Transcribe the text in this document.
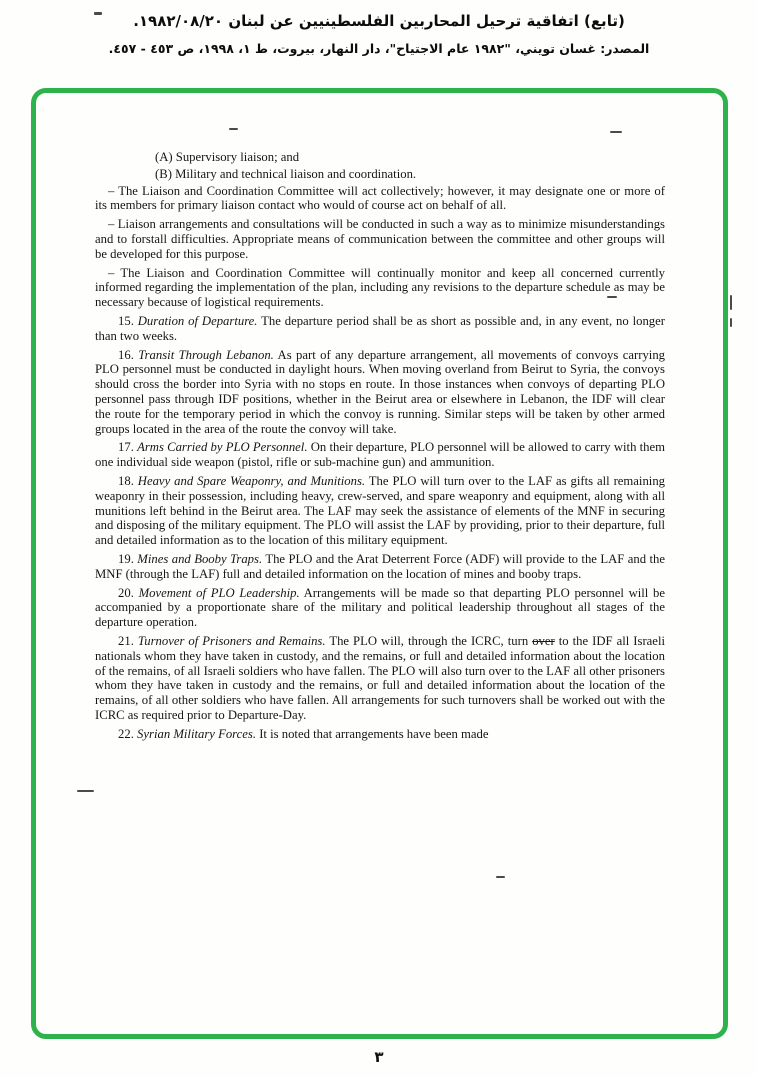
(تابع) اتفاقية ترحيل المحاربين الفلسطينيين عن لبنان ١٩٨٢/٠٨/٢٠.
المصدر: غسان تويني، "١٩٨٢ عام الاجتياح"، دار النهار، بيروت، ط ١، ١٩٩٨، ص ٤٥٣ - ٤٥٧.

(A) Supervisory liaison; and

(B) Military and technical liaison and coordination.

– The Liaison and Coordination Committee will act collectively; however, it may designate one or more of its members for primary liaison contact who would of course act on behalf of all.

– Liaison arrangements and consultations will be conducted in such a way as to minimize misunderstandings and to forstall difficulties. Appropriate means of communication between the committee and other groups will be developed for this purpose.

– The Liaison and Coordination Committee will continually monitor and keep all concerned currently informed regarding the implementation of the plan, including any revisions to the departure schedule as may be necessary because of logistical requirements.

15. Duration of Departure. The departure period shall be as short as possible and, in any event, no longer than two weeks.

16. Transit Through Lebanon. As part of any departure arrangement, all movements of convoys carrying PLO personnel must be conducted in daylight hours. When moving overland from Beirut to Syria, the convoys should cross the border into Syria with no stops en route. In those instances when convoys of departing PLO personnel pass through IDF positions, whether in the Beirut area or elsewhere in Lebanon, the IDF will clear the route for the temporary period in which the convoy is running. Similar steps will be taken by other armed groups located in the area of the route the convoy will take.

17. Arms Carried by PLO Personnel. On their departure, PLO personnel will be allowed to carry with them one individual side weapon (pistol, rifle or sub-machine gun) and ammunition.

18. Heavy and Spare Weaponry, and Munitions. The PLO will turn over to the LAF as gifts all remaining weaponry in their possession, including heavy, crew-served, and spare weaponry and equipment, along with all munitions left behind in the Beirut area. The LAF may seek the assistance of elements of the MNF in securing and disposing of the military equipment. The PLO will assist the LAF by providing, prior to their departure, full and detailed information as to the location of this military equipment.

19. Mines and Booby Traps. The PLO and the Arat Deterrent Force (ADF) will provide to the LAF and the MNF (through the LAF) full and detailed information on the location of mines and booby traps.

20. Movement of PLO Leadership. Arrangements will be made so that departing PLO personnel will be accompanied by a proportionate share of the military and political leadership throughout all stages of the departure operation.

21. Turnover of Prisoners and Remains. The PLO will, through the ICRC, turn over to the IDF all Israeli nationals whom they have taken in custody, and the remains, or full and detailed information about the location of the remains, of all Israeli soldiers who have fallen. The PLO will also turn over to the LAF all other prisoners whom they have taken in custody and the remains, or full and detailed information about the location of the remains, of all other soldiers who have fallen. All arrangements for such turnovers shall be worked out with the ICRC as required prior to Departure-Day.

22. Syrian Military Forces. It is noted that arrangements have been made

٣
